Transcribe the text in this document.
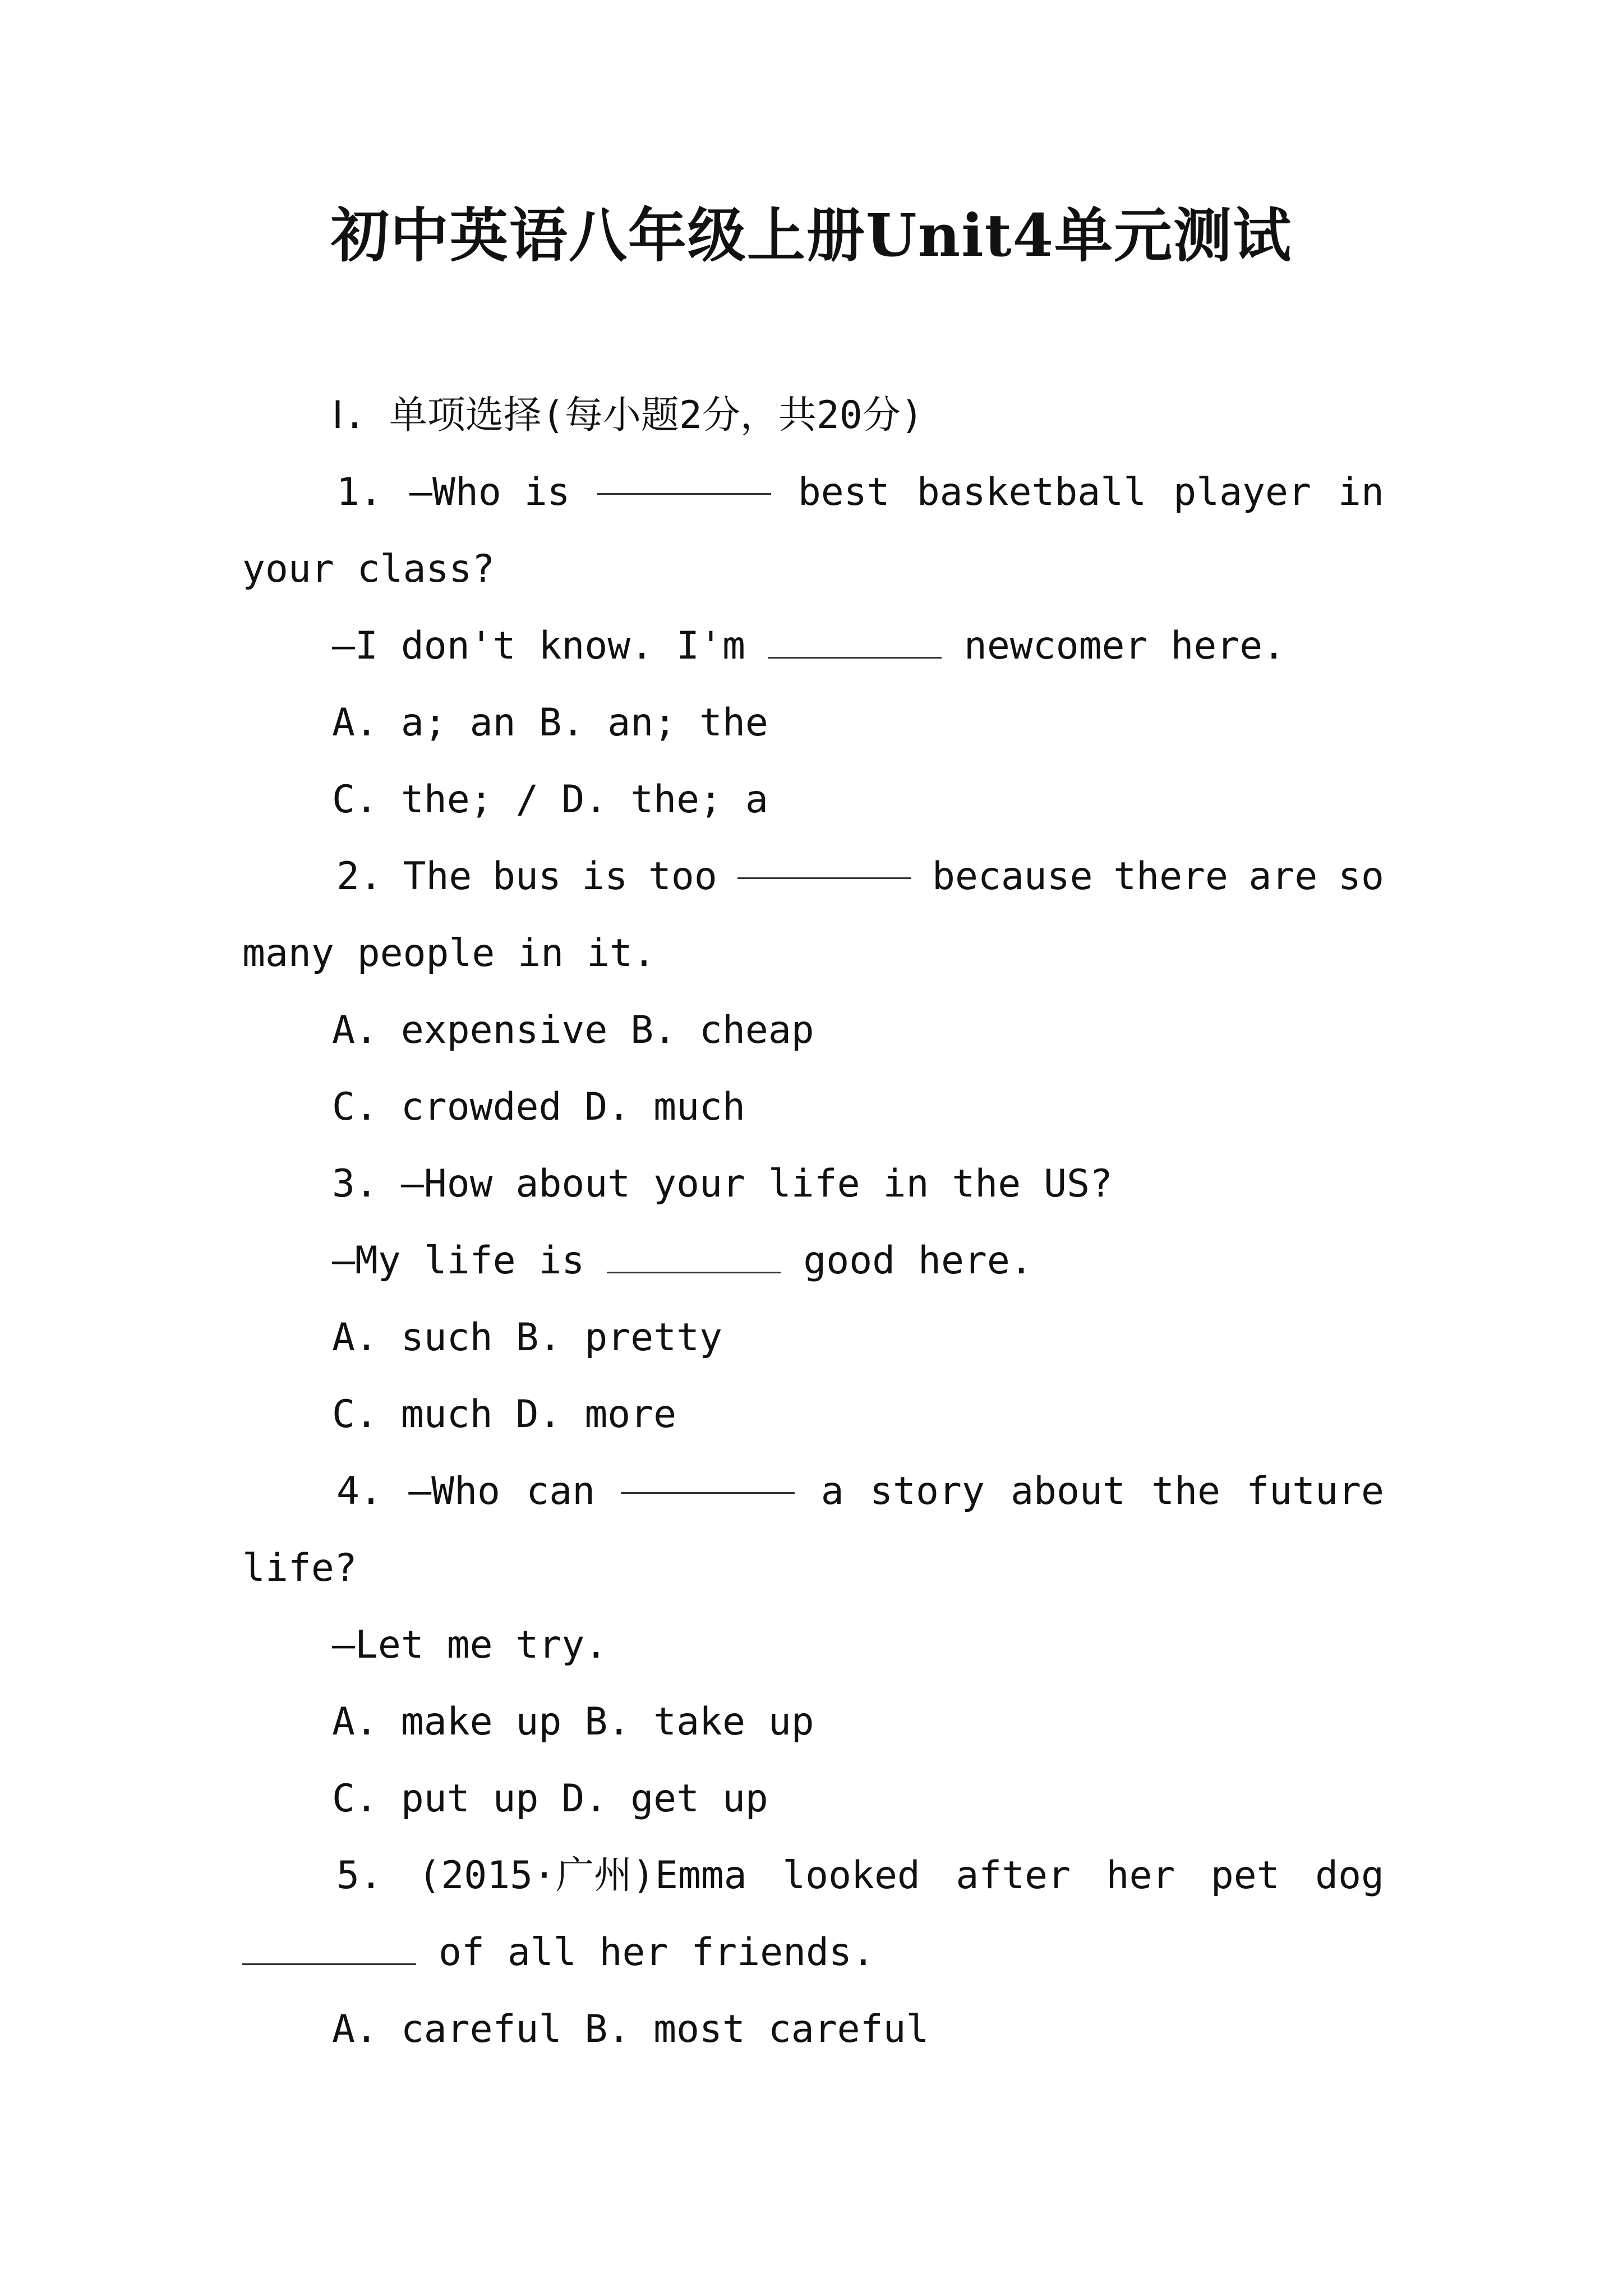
初中英语八年级上册Unit4单元测试
Ⅰ. 单项选择(每小题2分，共20分)
1. —Who is	best basketball player in
your class?
—I don't know. I'm	newcomer here.
A. a; an B. an; the
C. the; / D. the; a
2. The bus is too	because there are so
many people in it.
A. expensive B. cheap
C. crowded D. much
3. —How about your life in the US?
—My life is	good here.
A. such B. pretty
C. much D. more
4. —Who can	a story about the future
life?
—Let me try.
A. make up B. take up
C. put up D. get up
5. (2015·广州)Emma looked after her pet dog
of all her friends.
A. careful B. most careful
